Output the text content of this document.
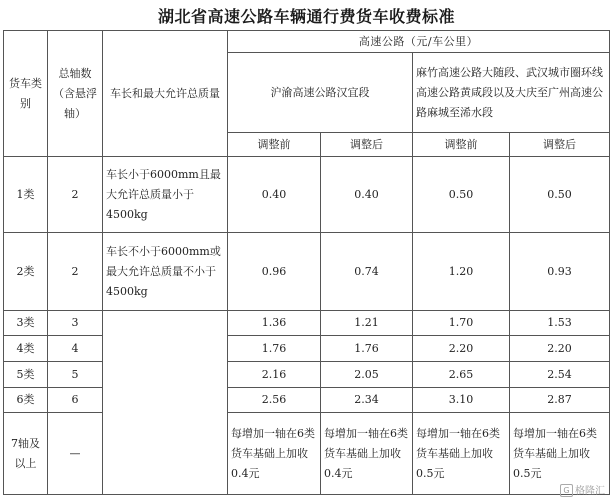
湖北省高速公路车辆通行费货车收费标准
货车类别	总轴数（含悬浮轴）	车长和最大允许总质量	高速公路（元/车公里）			
			沪渝高速公路汉宜段		麻竹高速公路大随段、武汉城市圈环线高速公路黄咸段以及大庆至广州高速公路麻城至浠水段	
			调整前	调整后	调整前	调整后
1类	2	车长小于6000mm且最大允许总质量小于4500kg	0.40	0.40	0.50	0.50
2类	2	车长不小于6000mm或最大允许总质量不小于4500kg	0.96	0.74	1.20	0.93
3类	3		1.36	1.21	1.70	1.53
4类	4		1.76	1.76	2.20	2.20
5类	5		2.16	2.05	2.65	2.54
6类	6		2.56	2.34	3.10	2.87
7轴及以上	—		每增加一轴在6类货车基础上加收0.4元	每增加一轴在6类货车基础上加收0.4元	每增加一轴在6类货车基础上加收0.5元	每增加一轴在6类货车基础上加收0.5元
G 格隆汇
